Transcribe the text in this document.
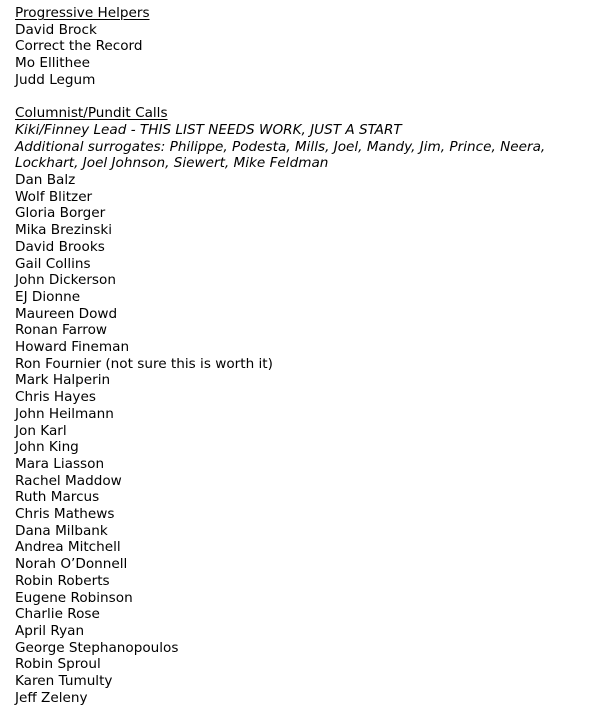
Progressive Helpers
David Brock
Correct the Record
Mo Ellithee
Judd Legum
Columnist/Pundit Calls
Kiki/Finney Lead - THIS LIST NEEDS WORK, JUST A START
Additional surrogates: Philippe, Podesta, Mills, Joel, Mandy, Jim, Prince, Neera, Lockhart, Joel Johnson, Siewert, Mike Feldman
Dan Balz
Wolf Blitzer
Gloria Borger
Mika Brezinski
David Brooks
Gail Collins
John Dickerson
EJ Dionne
Maureen Dowd
Ronan Farrow
Howard Fineman
Ron Fournier (not sure this is worth it)
Mark Halperin
Chris Hayes
John Heilmann
Jon Karl
John King
Mara Liasson
Rachel Maddow
Ruth Marcus
Chris Mathews
Dana Milbank
Andrea Mitchell
Norah O’Donnell
Robin Roberts
Eugene Robinson
Charlie Rose
April Ryan
George Stephanopoulos
Robin Sproul
Karen Tumulty
Jeff Zeleny
